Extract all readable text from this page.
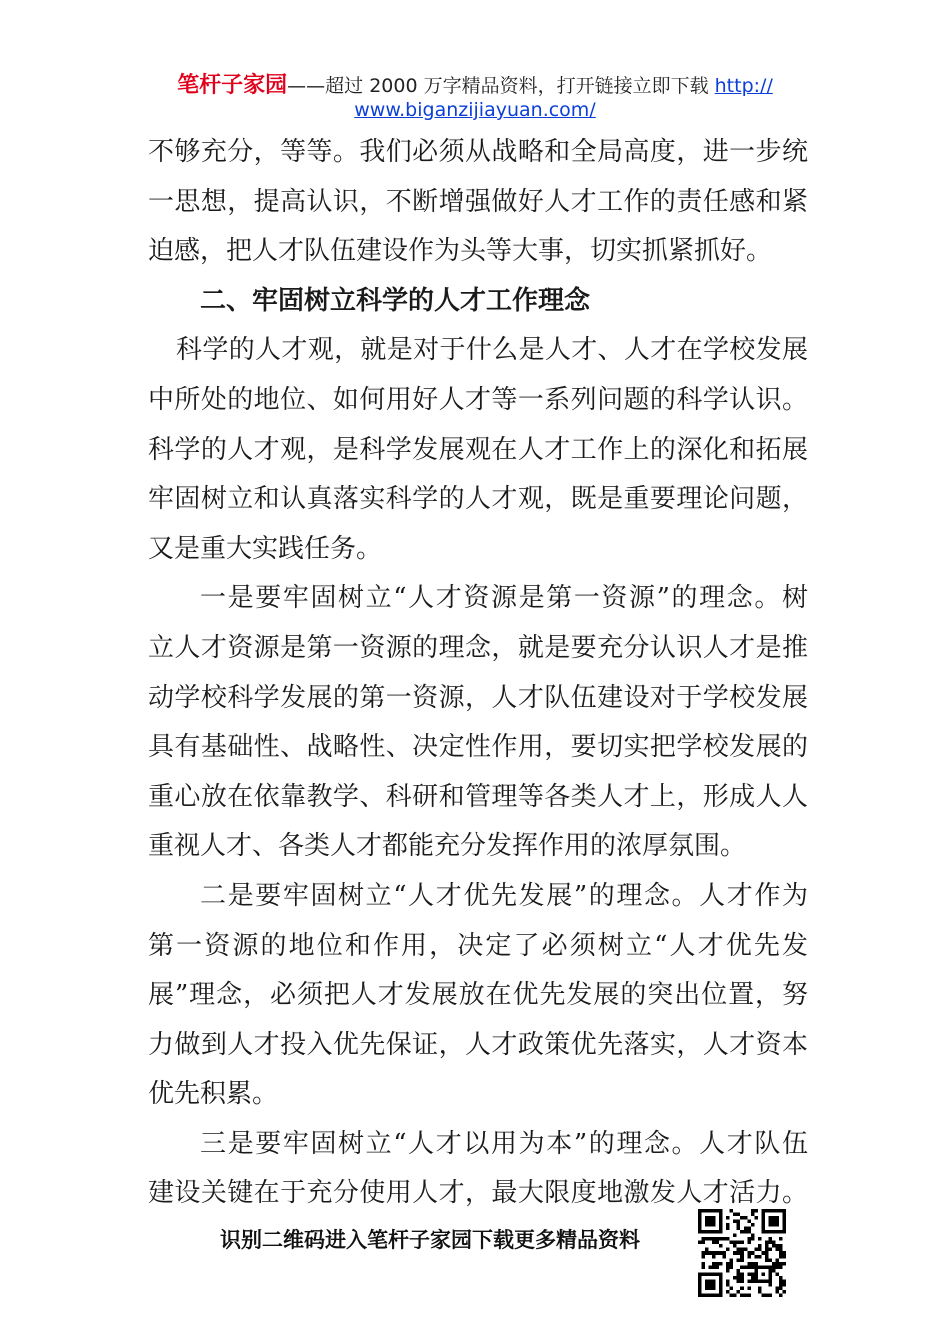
笔杆子家园——超过 2000 万字精品资料，打开链接立即下载 http://
www.biganzijiayuan.com/
不够充分，等等。我们必须从战略和全局高度，进一步统
一思想，提高认识，不断增强做好人才工作的责任感和紧
迫感，把人才队伍建设作为头等大事，切实抓紧抓好。
二、牢固树立科学的人才工作理念
科学的人才观，就是对于什么是人才、人才在学校发展
中所处的地位、如何用好人才等一系列问题的科学认识。
科学的人才观，是科学发展观在人才工作上的深化和拓展
牢固树立和认真落实科学的人才观，既是重要理论问题，
又是重大实践任务。
一是要牢固树立“人才资源是第一资源”的理念。树
立人才资源是第一资源的理念，就是要充分认识人才是推
动学校科学发展的第一资源，人才队伍建设对于学校发展
具有基础性、战略性、决定性作用，要切实把学校发展的
重心放在依靠教学、科研和管理等各类人才上，形成人人
重视人才、各类人才都能充分发挥作用的浓厚氛围。
二是要牢固树立“人才优先发展”的理念。人才作为
第一资源的地位和作用，决定了必须树立“人才优先发
展”理念，必须把人才发展放在优先发展的突出位置，努
力做到人才投入优先保证，人才政策优先落实，人才资本
优先积累。
三是要牢固树立“人才以用为本”的理念。人才队伍
建设关键在于充分使用人才，最大限度地激发人才活力。
识别二维码进入笔杆子家园下载更多精品资料
